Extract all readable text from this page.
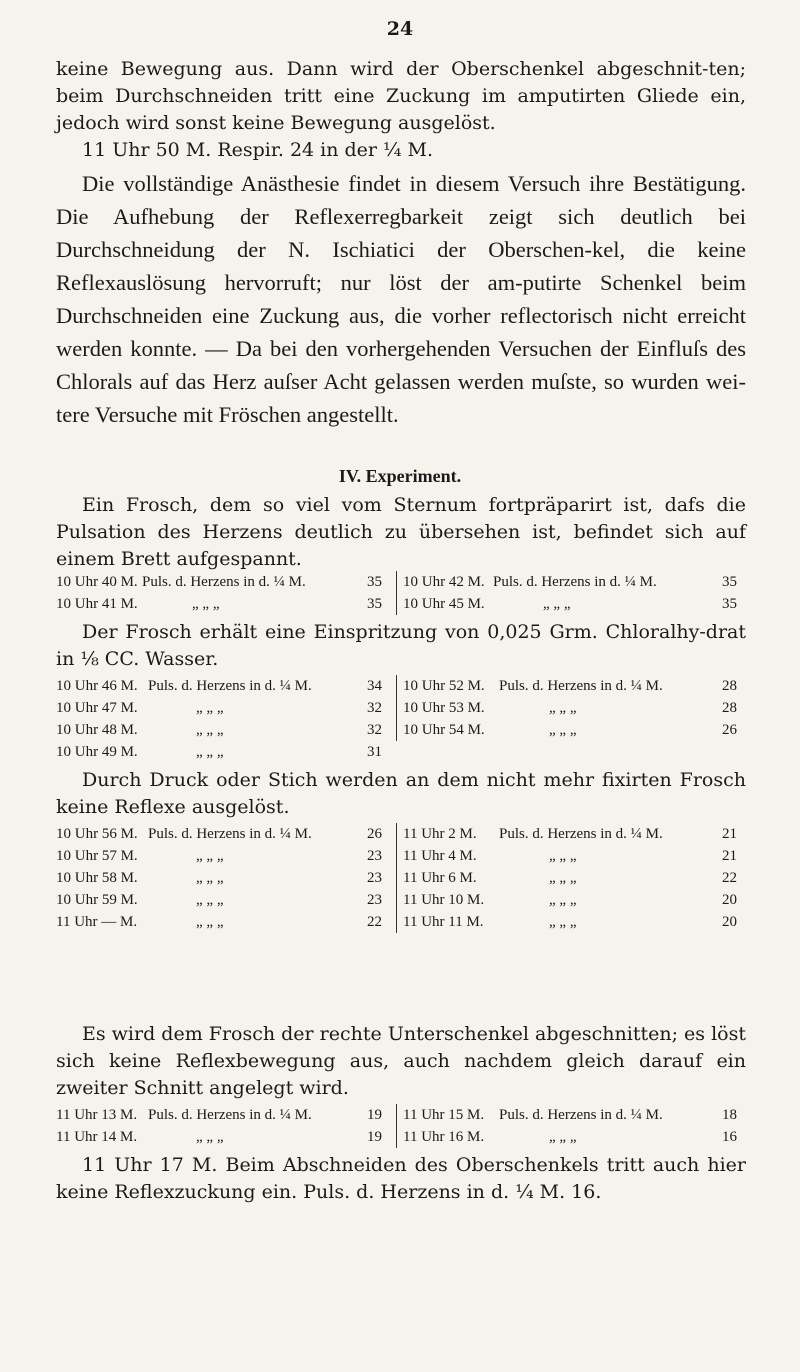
24

keine Bewegung aus. Dann wird der Oberschenkel abgeschnit-ten; beim Durchschneiden tritt eine Zuckung im amputirten Gliede ein, jedoch wird sonst keine Bewegung ausgelöst.

11 Uhr 50 M. Respir. 24 in der ¼ M.

Die vollständige Anästhesie findet in diesem Versuch ihre Bestätigung. Die Aufhebung der Reflexerregbarkeit zeigt sich deutlich bei Durchschneidung der N. Ischiatici der Oberschen-kel, die keine Reflexauslösung hervorruft; nur löst der am-putirte Schenkel beim Durchschneiden eine Zuckung aus, die vorher reflectorisch nicht erreicht werden konnte. — Da bei den vorhergehenden Versuchen der Einfluſs des Chlorals auf das Herz auſser Acht gelassen werden muſste, so wurden wei-tere Versuche mit Fröschen angestellt.

IV. Experiment.

Ein Frosch, dem so viel vom Sternum fortpräparirt ist, dafs die Pulsation des Herzens deutlich zu übersehen ist, befindet sich auf einem Brett aufgespannt.

10 Uhr 40 M. Puls. d. Herzens in d. ¼ M.	35
10 Uhr 41 M.	„ „ „	35
10 Uhr 42 M. Puls. d. Herzens in d. ¼ M.	35
10 Uhr 45 M.	„ „ „	35

Der Frosch erhält eine Einspritzung von 0,025 Grm. Chloralhy-drat in ⅛ CC. Wasser.

10 Uhr 46 M. Puls. d. Herzens in d. ¼ M.	34
10 Uhr 47 M.	„ „ „	32
10 Uhr 48 M.	„ „ „	32
10 Uhr 49 M.	„ „ „	31
10 Uhr 52 M. Puls. d. Herzens in d. ¼ M.	28
10 Uhr 53 M.	„ „ „	28
10 Uhr 54 M.	„ „ „	26

Durch Druck oder Stich werden an dem nicht mehr fixirten Frosch keine Reflexe ausgelöst.

10 Uhr 56 M. Puls. d. Herzens in d. ¼ M.	26
10 Uhr 57 M.	„ „ „	23
10 Uhr 58 M.	„ „ „	23
10 Uhr 59 M.	„ „ „	23
11 Uhr — M.	„ „ „	22
11 Uhr 2 M. Puls. d. Herzens in d. ¼ M.	21
11 Uhr 4 M.	„ „ „	21
11 Uhr 6 M.	„ „ „	22
11 Uhr 10 M.	„ „ „	20
11 Uhr 11 M.	„ „ „	20

Es wird dem Frosch der rechte Unterschenkel abgeschnitten; es löst sich keine Reflexbewegung aus, auch nachdem gleich darauf ein zweiter Schnitt angelegt wird.

11 Uhr 13 M. Puls. d. Herzens in d. ¼ M.	19
11 Uhr 14 M.	„ „ „	19
11 Uhr 15 M. Puls. d. Herzens in d. ¼ M.	18
11 Uhr 16 M.	„ „ „	16

11 Uhr 17 M. Beim Abschneiden des Oberschenkels tritt auch hier keine Reflexzuckung ein. Puls. d. Herzens in d. ¼ M. 16.
